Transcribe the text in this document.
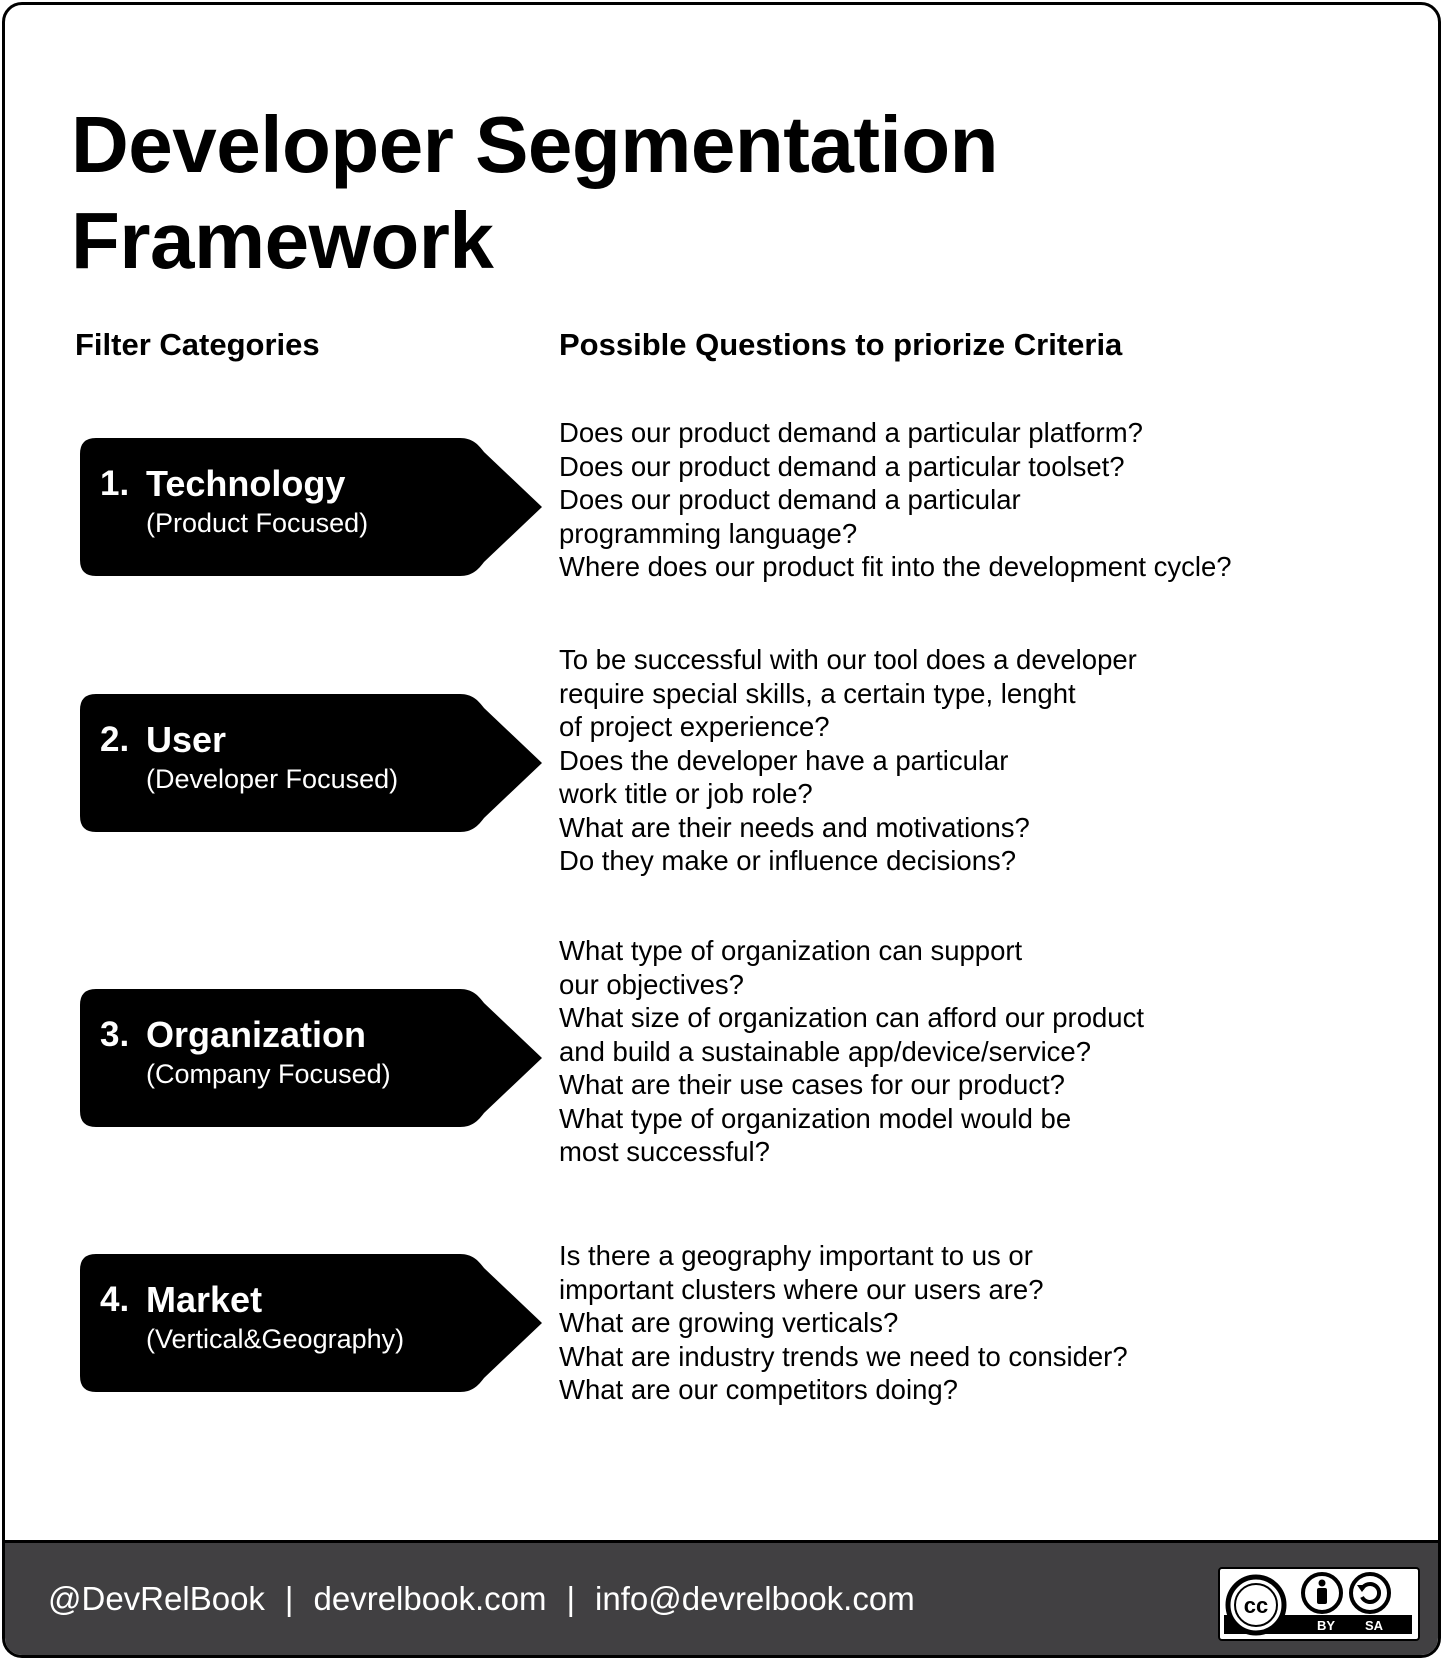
Developer Segmentation
Framework
Filter Categories	Possible Questions to priorize Criteria
1. Technology
(Product Focused)
Does our product demand a particular platform?
Does our product demand a particular toolset?
Does our product demand a particular
programming language?
Where does our product fit into the development cycle?
2. User
(Developer Focused)
To be successful with our tool does a developer
require special skills, a certain type, lenght
of project experience?
Does the developer have a particular
work title or job role?
What are their needs and motivations?
Do they make or influence decisions?
3. Organization
(Company Focused)
What type of organization can support
our objectives?
What size of organization can afford our product
and build a sustainable app/device/service?
What are their use cases for our product?
What type of organization model would be
most successful?
4. Market
(Vertical&Geography)
Is there a geography important to us or
important clusters where our users are?
What are growing verticals?
What are industry trends we need to consider?
What are our competitors doing?
@DevRelBook | devrelbook.com | info@devrelbook.com	cc
BY SA
